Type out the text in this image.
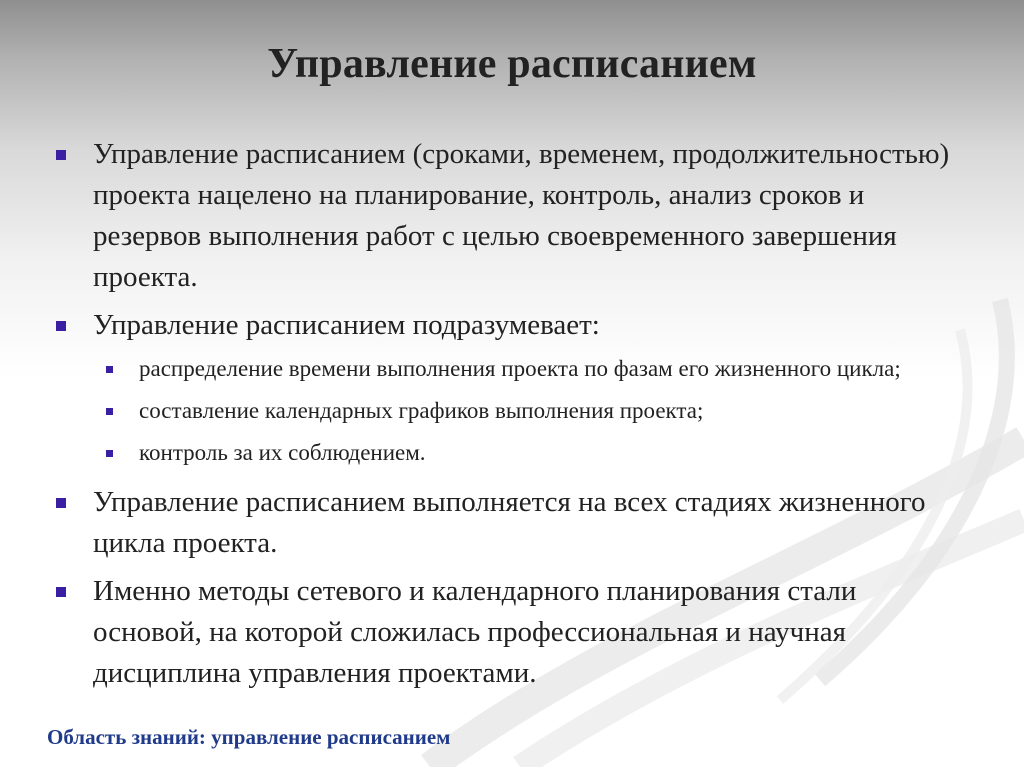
Управление расписанием
Управление расписанием (сроками, временем, продолжительностью) проекта нацелено на планирование, контроль, анализ сроков и резервов выполнения работ с целью своевременного завершения проекта.
Управление расписанием подразумевает:
распределение времени выполнения проекта по фазам его жизненного цикла;
составление календарных графиков выполнения проекта;
контроль за их соблюдением.
Управление расписанием выполняется на всех стадиях жизненного цикла проекта.
Именно методы сетевого и календарного планирования стали основой, на которой сложилась профессиональная и научная дисциплина управления проектами.
Область знаний: управление расписанием
